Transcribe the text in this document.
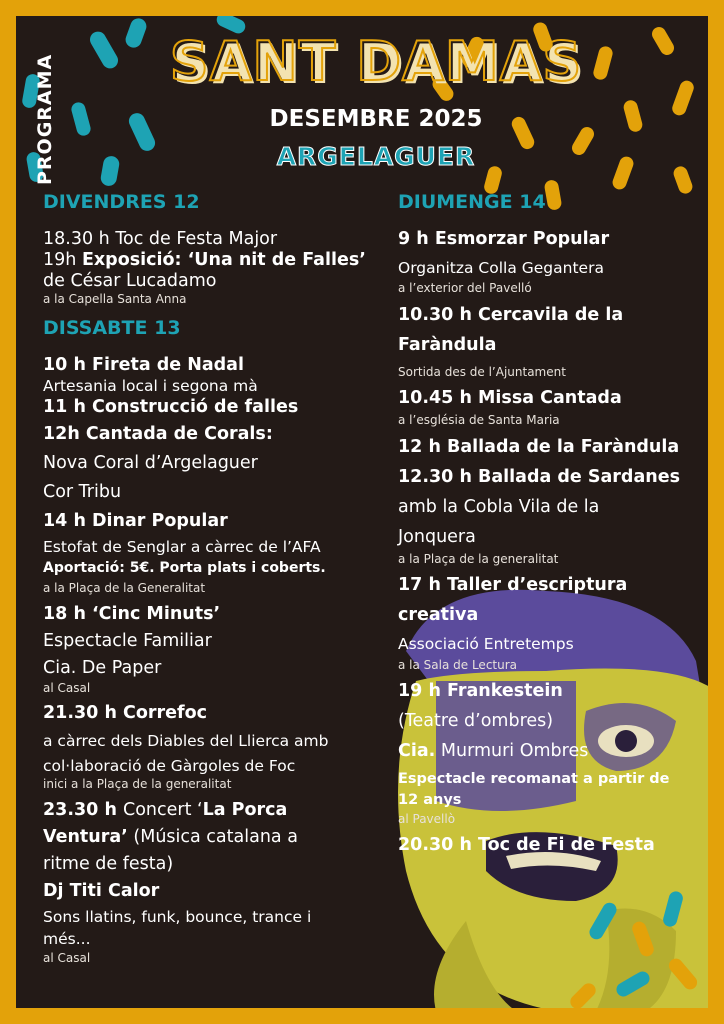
PROGRAMA	SANT DAMAS
DESEMBRE 2025
ARGELAGUER
DIVENDRES 12
18.30 h Toc de Festa Major
19h Exposició: ‘Una nit de Falles’
de César Lucadamo
a la Capella Santa Anna
DISSABTE 13
10 h Fireta de Nadal
Artesania local i segona mà
11 h Construcció de falles
12h Cantada de Corals:
Nova Coral d’Argelaguer
Cor Tribu
14 h Dinar Popular
Estofat de Senglar a càrrec de l’AFA
Aportació: 5€. Porta plats i coberts.
a la Plaça de la Generalitat
18 h ‘Cinc Minuts’
Espectacle Familiar
Cia. De Paper
al Casal
21.30 h Correfoc
a càrrec dels Diables del Llierca amb
col·laboració de Gàrgoles de Foc
inici a la Plaça de la generalitat
23.30 h Concert ‘La Porca
Ventura’ (Música catalana a
ritme de festa)
Dj Titi Calor
Sons llatins, funk, bounce, trance i
més...
al Casal
DIUMENGE 14
9 h Esmorzar Popular
Organitza Colla Gegantera
a l’exterior del Pavelló
10.30 h Cercavila de la
Faràndula
Sortida des de l’Ajuntament
10.45 h Missa Cantada
a l’església de Santa Maria
12 h Ballada de la Faràndula
12.30 h Ballada de Sardanes
amb la Cobla Vila de la
Jonquera
a la Plaça de la generalitat
17 h Taller d’escriptura
creativa
Associació Entretemps
a la Sala de Lectura
19 h Frankestein
(Teatre d’ombres)
Cia. Murmuri Ombres
Espectacle recomanat a partir de
12 anys
al Pavellò
20.30 h Toc de Fi de Festa
